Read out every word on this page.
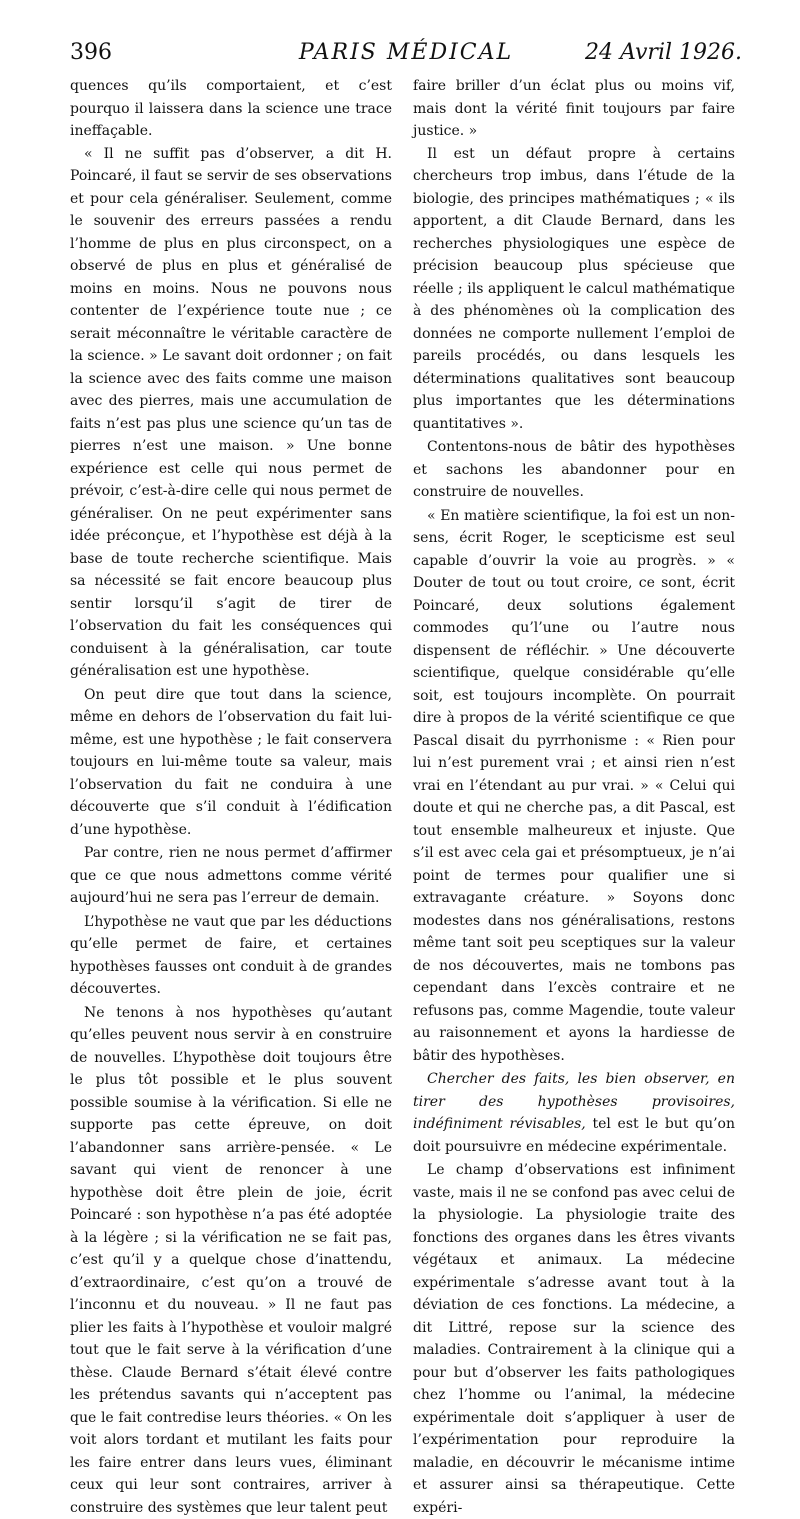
396	PARIS MÉDICAL	24 Avril 1926.

quences qu’ils comportaient, et c’est pourquo il laissera dans la science une trace ineffaçable.

« Il ne suffit pas d’observer, a dit H. Poincaré, il faut se servir de ses observations et pour cela généraliser. Seulement, comme le souvenir des erreurs passées a rendu l’homme de plus en plus circonspect, on a observé de plus en plus et généralisé de moins en moins. Nous ne pouvons nous contenter de l’expérience toute nue ; ce serait méconnaître le véritable caractère de la science. » Le savant doit ordonner ; on fait la science avec des faits comme une maison avec des pierres, mais une accumulation de faits n’est pas plus une science qu’un tas de pierres n’est une maison. » Une bonne expérience est celle qui nous permet de prévoir, c’est-à-dire celle qui nous permet de généraliser. On ne peut expérimenter sans idée préconçue, et l’hypothèse est déjà à la base de toute recherche scientifique. Mais sa nécessité se fait encore beaucoup plus sentir lorsqu’il s’agit de tirer de l’observation du fait les conséquences qui conduisent à la généralisation, car toute généralisation est une hypothèse.

On peut dire que tout dans la science, même en dehors de l’observation du fait lui-même, est une hypothèse ; le fait conservera toujours en lui-même toute sa valeur, mais l’observation du fait ne conduira à une découverte que s’il conduit à l’édification d’une hypothèse.

Par contre, rien ne nous permet d’affirmer que ce que nous admettons comme vérité aujourd’hui ne sera pas l’erreur de demain.

L’hypothèse ne vaut que par les déductions qu’elle permet de faire, et certaines hypothèses fausses ont conduit à de grandes découvertes.

Ne tenons à nos hypothèses qu’autant qu’elles peuvent nous servir à en construire de nouvelles. L’hypothèse doit toujours être le plus tôt possible et le plus souvent possible soumise à la vérification. Si elle ne supporte pas cette épreuve, on doit l’abandonner sans arrière-pensée. « Le savant qui vient de renoncer à une hypothèse doit être plein de joie, écrit Poincaré : son hypothèse n’a pas été adoptée à la légère ; si la vérification ne se fait pas, c’est qu’il y a quelque chose d’inattendu, d’extraordinaire, c’est qu’on a trouvé de l’inconnu et du nouveau. » Il ne faut pas plier les faits à l’hypothèse et vouloir malgré tout que le fait serve à la vérification d’une thèse. Claude Bernard s’était élevé contre les prétendus savants qui n’acceptent pas que le fait contredise leurs théories. « On les voit alors tordant et mutilant les faits pour les faire entrer dans leurs vues, éliminant ceux qui leur sont contraires, arriver à construire des systèmes que leur talent peut

faire briller d’un éclat plus ou moins vif, mais dont la vérité finit toujours par faire justice. »

Il est un défaut propre à certains chercheurs trop imbus, dans l’étude de la biologie, des principes mathématiques ; « ils apportent, a dit Claude Bernard, dans les recherches physiologiques une espèce de précision beaucoup plus spécieuse que réelle ; ils appliquent le calcul mathématique à des phénomènes où la complication des données ne comporte nullement l’emploi de pareils procédés, ou dans lesquels les déterminations qualitatives sont beaucoup plus importantes que les déterminations quantitatives ».

Contentons-nous de bâtir des hypothèses et sachons les abandonner pour en construire de nouvelles.

« En matière scientifique, la foi est un non-sens, écrit Roger, le scepticisme est seul capable d’ouvrir la voie au progrès. » « Douter de tout ou tout croire, ce sont, écrit Poincaré, deux solutions également commodes qu’l’une ou l’autre nous dispensent de réfléchir. » Une découverte scientifique, quelque considérable qu’elle soit, est toujours incomplète. On pourrait dire à propos de la vérité scientifique ce que Pascal disait du pyrrhonisme : « Rien pour lui n’est purement vrai ; et ainsi rien n’est vrai en l’étendant au pur vrai. » « Celui qui doute et qui ne cherche pas, a dit Pascal, est tout ensemble malheureux et injuste. Que s’il est avec cela gai et présomptueux, je n’ai point de termes pour qualifier une si extravagante créature. » Soyons donc modestes dans nos généralisations, restons même tant soit peu sceptiques sur la valeur de nos découvertes, mais ne tombons pas cependant dans l’excès contraire et ne refusons pas, comme Magendie, toute valeur au raisonnement et ayons la hardiesse de bâtir des hypothèses.

Chercher des faits, les bien observer, en tirer des hypothèses provisoires, indéfiniment révisables, tel est le but qu’on doit poursuivre en médecine expérimentale.

Le champ d’observations est infiniment vaste, mais il ne se confond pas avec celui de la physiologie. La physiologie traite des fonctions des organes dans les êtres vivants végétaux et animaux. La médecine expérimentale s’adresse avant tout à la déviation de ces fonctions. La médecine, a dit Littré, repose sur la science des maladies. Contrairement à la clinique qui a pour but d’observer les faits pathologiques chez l’homme ou l’animal, la médecine expérimentale doit s’appliquer à user de l’expérimentation pour reproduire la maladie, en découvrir le mécanisme intime et assurer ainsi sa thérapeutique. Cette expéri-
